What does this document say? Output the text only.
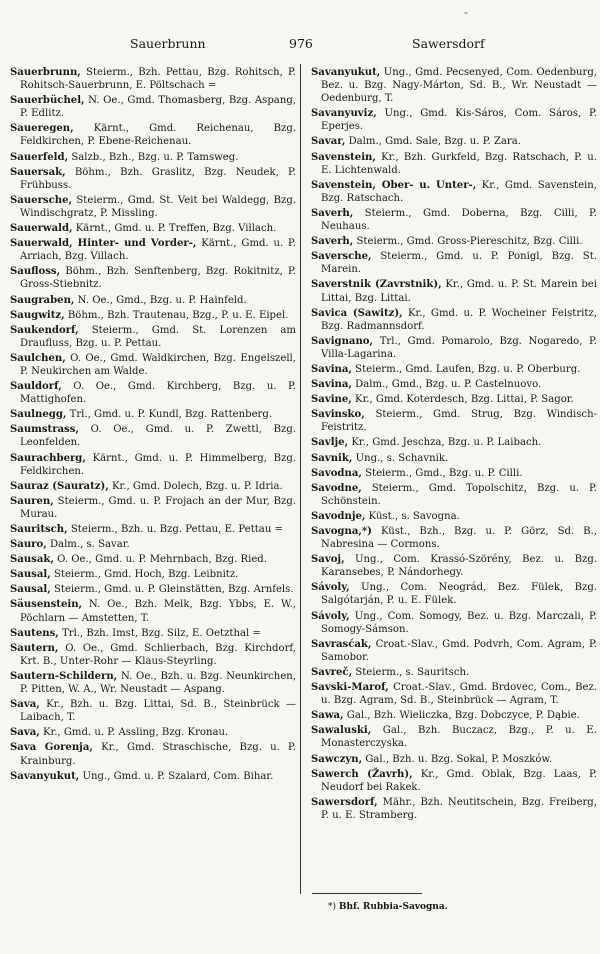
-
Sauerbrunn	976	Sawersdorf

Sauerbrunn, Steierm., Bzh. Pettau, Bzg. Rohitsch, P. Rohitsch-Sauerbrunn, E. Pöltschach =

Sauerbüchel, N. Oe., Gmd. Thomasberg, Bzg. Aspang, P. Edlitz.

Saueregen, Kärnt., Gmd. Reichenau, Bzg. Feldkirchen, P. Ebene-Reichenau.

Sauerfeld, Salzb., Bzh., Bzg. u. P. Tamsweg.

Sauersak, Böhm., Bzh. Graslitz, Bzg. Neudek, P. Frühbuss.

Sauersche, Steierm., Gmd. St. Veit bei Waldegg, Bzg. Windischgratz, P. Missling.

Sauerwald, Kärnt., Gmd. u. P. Treffen, Bzg. Villach.

Sauerwald, Hinter- und Vorder-, Kärnt., Gmd. u. P. Arriach, Bzg. Villach.

Saufloss, Böhm., Bzh. Senftenberg, Bzg. Rokitnitz, P. Gross-Stiebnitz.

Saugraben, N. Oe., Gmd., Bzg. u. P. Hainfeld.

Saugwitz, Böhm., Bzh. Trautenau, Bzg., P. u. E. Eipel.

Saukendorf, Steierm., Gmd. St. Lorenzen am Draufluss, Bzg. u. P. Pettau.

Saulchen, O. Oe., Gmd. Waldkirchen, Bzg. Engelszell, P. Neukirchen am Walde.

Sauldorf, O. Oe., Gmd. Kirchberg, Bzg. u. P. Mattighofen.

Saulnegg, Trl., Gmd. u. P. Kundl, Bzg. Rattenberg.

Saumstrass, O. Oe., Gmd. u. P. Zwettl, Bzg. Leonfelden.

Saurachberg, Kärnt., Gmd. u. P. Himmelberg, Bzg. Feldkirchen.

Sauraz (Sauratz), Kr., Gmd. Dolech, Bzg. u. P. Idria.

Sauren, Steierm., Gmd. u. P. Frojach an der Mur, Bzg. Murau.

Sauritsch, Steierm., Bzh. u. Bzg. Pettau, E. Pettau =

Sauro, Dalm., s. Savar.

Sausak, O. Oe., Gmd. u. P. Mehrnbach, Bzg. Ried.

Sausal, Steierm., Gmd. Hoch, Bzg. Leibnitz.

Sausal, Steierm., Gmd. u. P. Gleinstätten, Bzg. Arnfels.

Säusenstein, N. Oe., Bzh. Melk, Bzg. Ybbs, E. W., Pöchlarn — Amstetten, T.

Sautens, Trl., Bzh. Imst, Bzg. Silz, E. Oetzthal =

Sautern, O. Oe., Gmd. Schlierbach, Bzg. Kirchdorf, Krt. B., Unter-Rohr — Klaus-Steyrling.

Sautern-Schildern, N. Oe., Bzh. u. Bzg. Neunkirchen, P. Pitten, W. A., Wr. Neustadt — Aspang.

Sava, Kr., Bzh. u. Bzg. Littai, Sd. B., Steinbrück — Laibach, T.

Sava, Kr., Gmd. u. P. Assling, Bzg. Kronau.

Sava Gorenja, Kr., Gmd. Straschische, Bzg. u. P. Krainburg.

Savanyukut, Ung., Gmd. u. P. Szalard, Com. Bihar.

Savanyukut, Ung., Gmd. Pecsenyed, Com. Oedenburg, Bez. u. Bzg. Nagy-Márton, Sd. B., Wr. Neustadt — Oedenburg, T.

Savanyuviz, Ung., Gmd. Kis-Sáros, Com. Sáros, P. Eperjes.

Savar, Dalm., Gmd. Sale, Bzg. u. P. Zara.

Savenstein, Kr., Bzh. Gurkfeld, Bzg. Ratschach, P. u. E. Lichtenwald.

Savenstein, Ober- u. Unter-, Kr., Gmd. Savenstein, Bzg. Ratschach.

Saverh, Steierm., Gmd. Doberna, Bzg. Cilli, P. Neuhaus.

Saverh, Steierm., Gmd. Gross-Piereschitz, Bzg. Cilli.

Saversche, Steierm., Gmd. u. P. Ponigl, Bzg. St. Marein.

Saverstnik (Zavrstnik), Kr., Gmd. u. P. St. Marein bei Littai, Bzg. Littai.

Savica (Sawitz), Kr., Gmd. u. P. Wocheiner Feistritz, Bzg. Radmannsdorf.

Savignano, Trl., Gmd. Pomarolo, Bzg. Nogaredo, P. Villa-Lagarina.

Savina, Steierm., Gmd. Laufen, Bzg. u. P. Oberburg.

Savina, Dalm., Gmd., Bzg. u. P. Castelnuovo.

Savine, Kr., Gmd. Koterdesch, Bzg. Littai, P. Sagor.

Savinsko, Steierm., Gmd. Strug, Bzg. Windisch-Feistritz.

Savlje, Kr., Gmd. Jeschza, Bzg. u. P. Laibach.

Savnik, Ung., s. Schavnik.

Savodna, Steierm., Gmd., Bzg. u. P. Cilli.

Savodne, Steierm., Gmd. Topolschitz, Bzg. u. P. Schönstein.

Savodnje, Küst., s. Savogna.

Savogna,*) Küst., Bzh., Bzg. u. P. Görz, Sd. B., Nabresina — Cormons.

Savoj, Ung., Com. Krassó-Szörény, Bez. u. Bzg. Karansebes, P. Nándorhegy.

Sávoly, Ung., Com. Neográd, Bez. Fülek, Bzg. Salgótarján, P. u. E. Fülek.

Sávoly, Ung., Com. Somogy, Bez. u. Bzg. Marczali, P. Somogy-Sámson.

Savrasćak, Croat.-Slav., Gmd. Podvrh, Com. Agram, P. Samobor.

Savreč, Steierm., s. Sauritsch.

Savski-Marof, Croat.-Slav., Gmd. Brdovec, Com., Bez. u. Bzg. Agram, Sd. B., Steinbrück — Agram, T.

Sawa, Gal., Bzh. Wieliczka, Bzg. Dobczyce, P. Dąbie.

Sawaluski, Gal., Bzh. Buczacz, Bzg., P. u. E. Monasterczyska.

Sawczyn, Gal., Bzh. u. Bzg. Sokal, P. Moszków.

Sawerch (Žavrh), Kr., Gmd. Oblak, Bzg. Laas, P. Neudorf bei Rakek.

Sawersdorf, Mähr., Bzh. Neutitschein, Bzg. Freiberg, P. u. E. Stramberg.

*) Bhf. Rubbia-Savogna.
